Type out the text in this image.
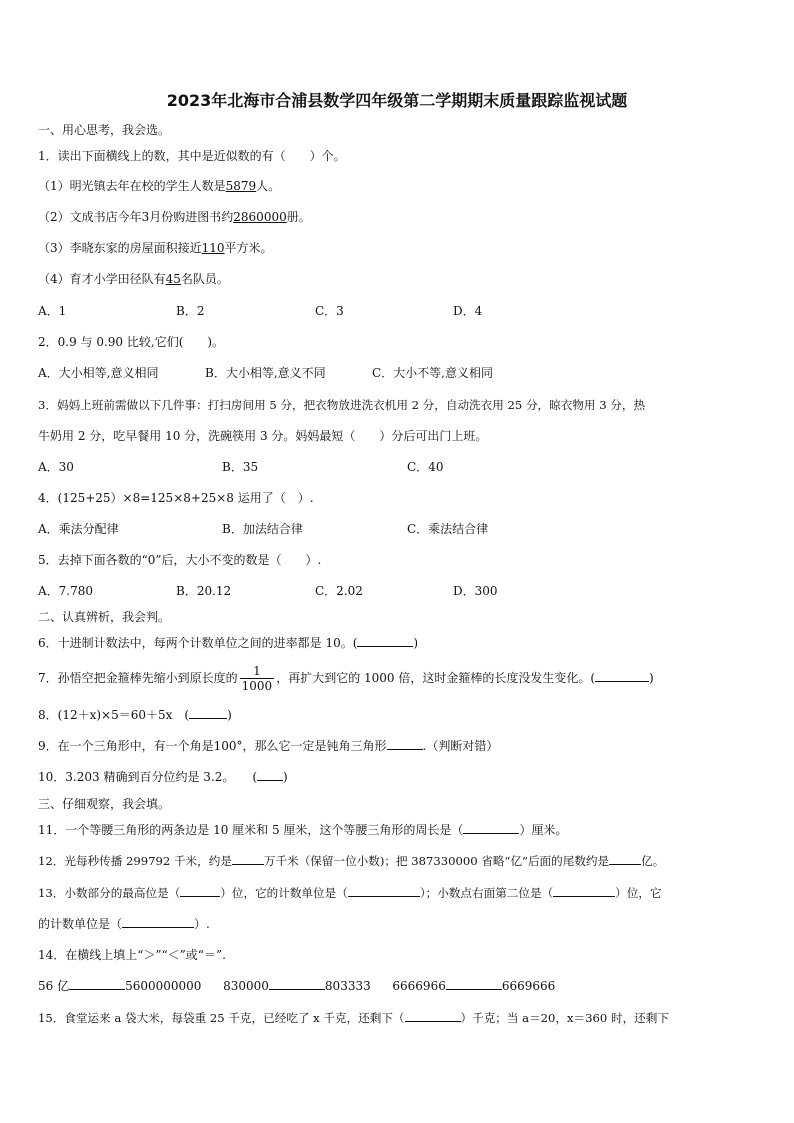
2023年北海市合浦县数学四年级第二学期期末质量跟踪监视试题
一、用心思考，我会选。
1．读出下面横线上的数，其中是近似数的有（　　）个。
（1）明光镇去年在校的学生人数是5879人。
（2）文成书店今年3月份购进图书约2860000册。
（3）李晓东家的房屋面积接近110平方米。
（4）育才小学田径队有45名队员。
A．1	B．2	C．3	D．4
2．0.9 与 0.90 比较,它们(　　)。
A．大小相等,意义相同	B．大小相等,意义不同	C．大小不等,意义相同
3．妈妈上班前需做以下几件事：打扫房间用 5 分，把衣物放进洗衣机用 2 分，自动洗衣用 25 分，晾衣物用 3 分，热
牛奶用 2 分，吃早餐用 10 分，洗碗筷用 3 分。妈妈最短（　　）分后可出门上班。
A．30	B．35	C．40
4．(125+25）×8=125×8+25×8 运用了（　）.
A．乘法分配律	B．加法结合律	C．乘法结合律
5．去掉下面各数的“0”后，大小不变的数是（　　）.
A．7.780	B．20.12	C．2.02	D．300
二、认真辨析，我会判。
6．十进制计数法中，每两个计数单位之间的进率都是 10。(	)
7．孙悟空把金箍棒先缩小到原长度的 $\frac{1}{1000}$ ，再扩大到它的 1000 倍，这时金箍棒的长度没发生变化。(	)
8．(12＋x)×5＝60＋5x　(	)
9．在一个三角形中，有一个角是100°，那么它一定是钝角三角形	.（判断对错）
10．3.203 精确到百分位约是 3.2。　　( )
三、仔细观察，我会填。
11．一个等腰三角形的两条边是 10 厘米和 5 厘米，这个等腰三角形的周长是（	）厘米。
12．光每秒传播 299792 千米，约是	万千米（保留一位小数)；把 387330000 省略“亿”后面的尾数约是	亿。
13．小数部分的最高位是（	）位，它的计数单位是（	）；小数点右面第二位是（	）位，它
的计数单位是（	）.
14．在横线上填上“＞”“＜”或“＝”.
56 亿	5600000000 830000	803333 6666966	6669666
15．食堂运来 a 袋大米，每袋重 25 千克，已经吃了 x 千克，还剩下（	）千克；当 a＝20，x＝360 时，还剩下
